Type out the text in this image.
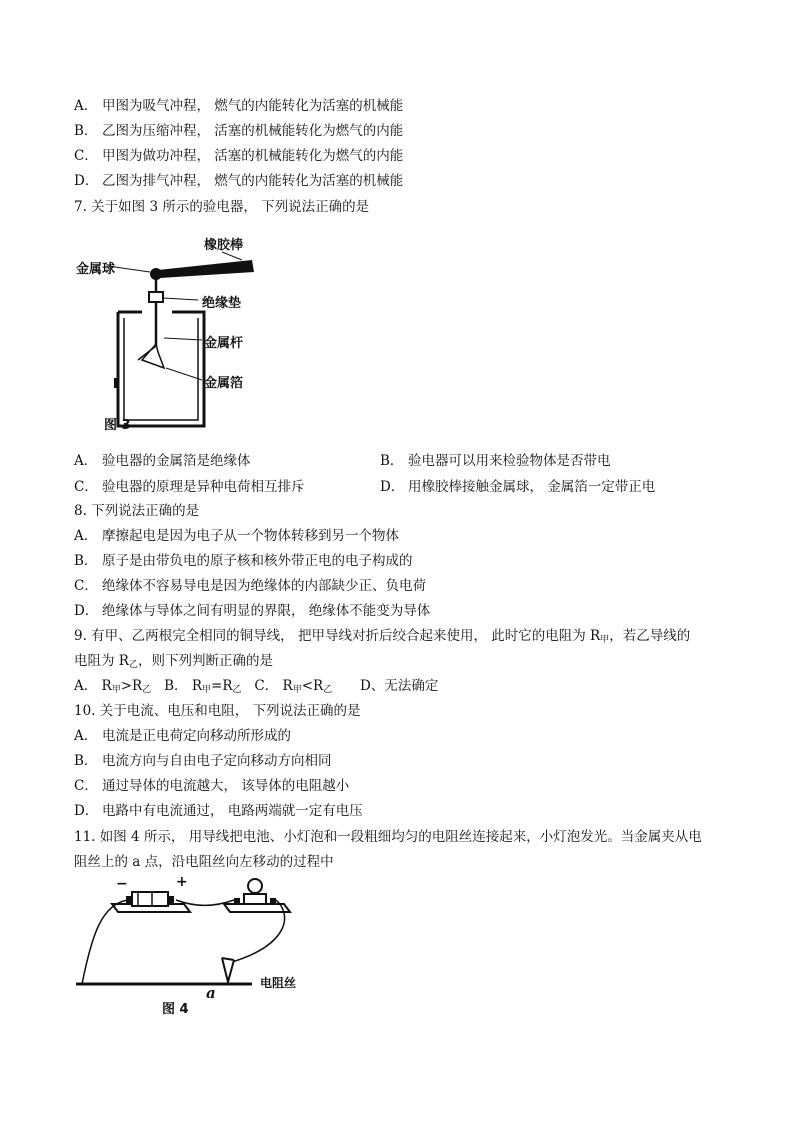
A． 甲图为吸气冲程， 燃气的内能转化为活塞的机械能
B． 乙图为压缩冲程， 活塞的机械能转化为燃气的内能
C． 甲图为做功冲程， 活塞的机械能转化为燃气的内能
D． 乙图为排气冲程， 燃气的内能转化为活塞的机械能
7. 关于如图 3 所示的验电器， 下列说法正确的是
橡胶棒
金属球
绝缘垫
金属杆
金属箔
图 3
A． 验电器的金属箔是绝缘体	B． 验电器可以用来检验物体是否带电
C． 验电器的原理是异种电荷相互排斥	D． 用橡胶棒接触金属球， 金属箔一定带正电
8. 下列说法正确的是
A． 摩擦起电是因为电子从一个物体转移到另一个物体
B． 原子是由带负电的原子核和核外带正电的电子构成的
C． 绝缘体不容易导电是因为绝缘体的内部缺少正、负电荷
D． 绝缘体与导体之间有明显的界限， 绝缘体不能变为导体
9. 有甲、乙两根完全相同的铜导线， 把甲导线对折后绞合起来使用， 此时它的电阻为 $R_甲$，若乙导线的
电阻为 $R_乙$，则下列判断正确的是
A． $R_甲>R_乙$ B． $R_甲=R_乙$ C． $R_甲<R_乙$ D、无法确定
10. 关于电流、电压和电阻， 下列说法正确的是
A． 电流是正电荷定向移动所形成的
B． 电流方向与自由电子定向移动方向相同
C． 通过导体的电流越大， 该导体的电阻越小
D． 电路中有电流通过， 电路两端就一定有电压
11. 如图 4 所示， 用导线把电池、小灯泡和一段粗细均匀的电阻丝连接起来，小灯泡发光。当金属夹从电
阻丝上的 a 点，沿电阻丝向左移动的过程中
−	+
电阻丝
a
图 4
